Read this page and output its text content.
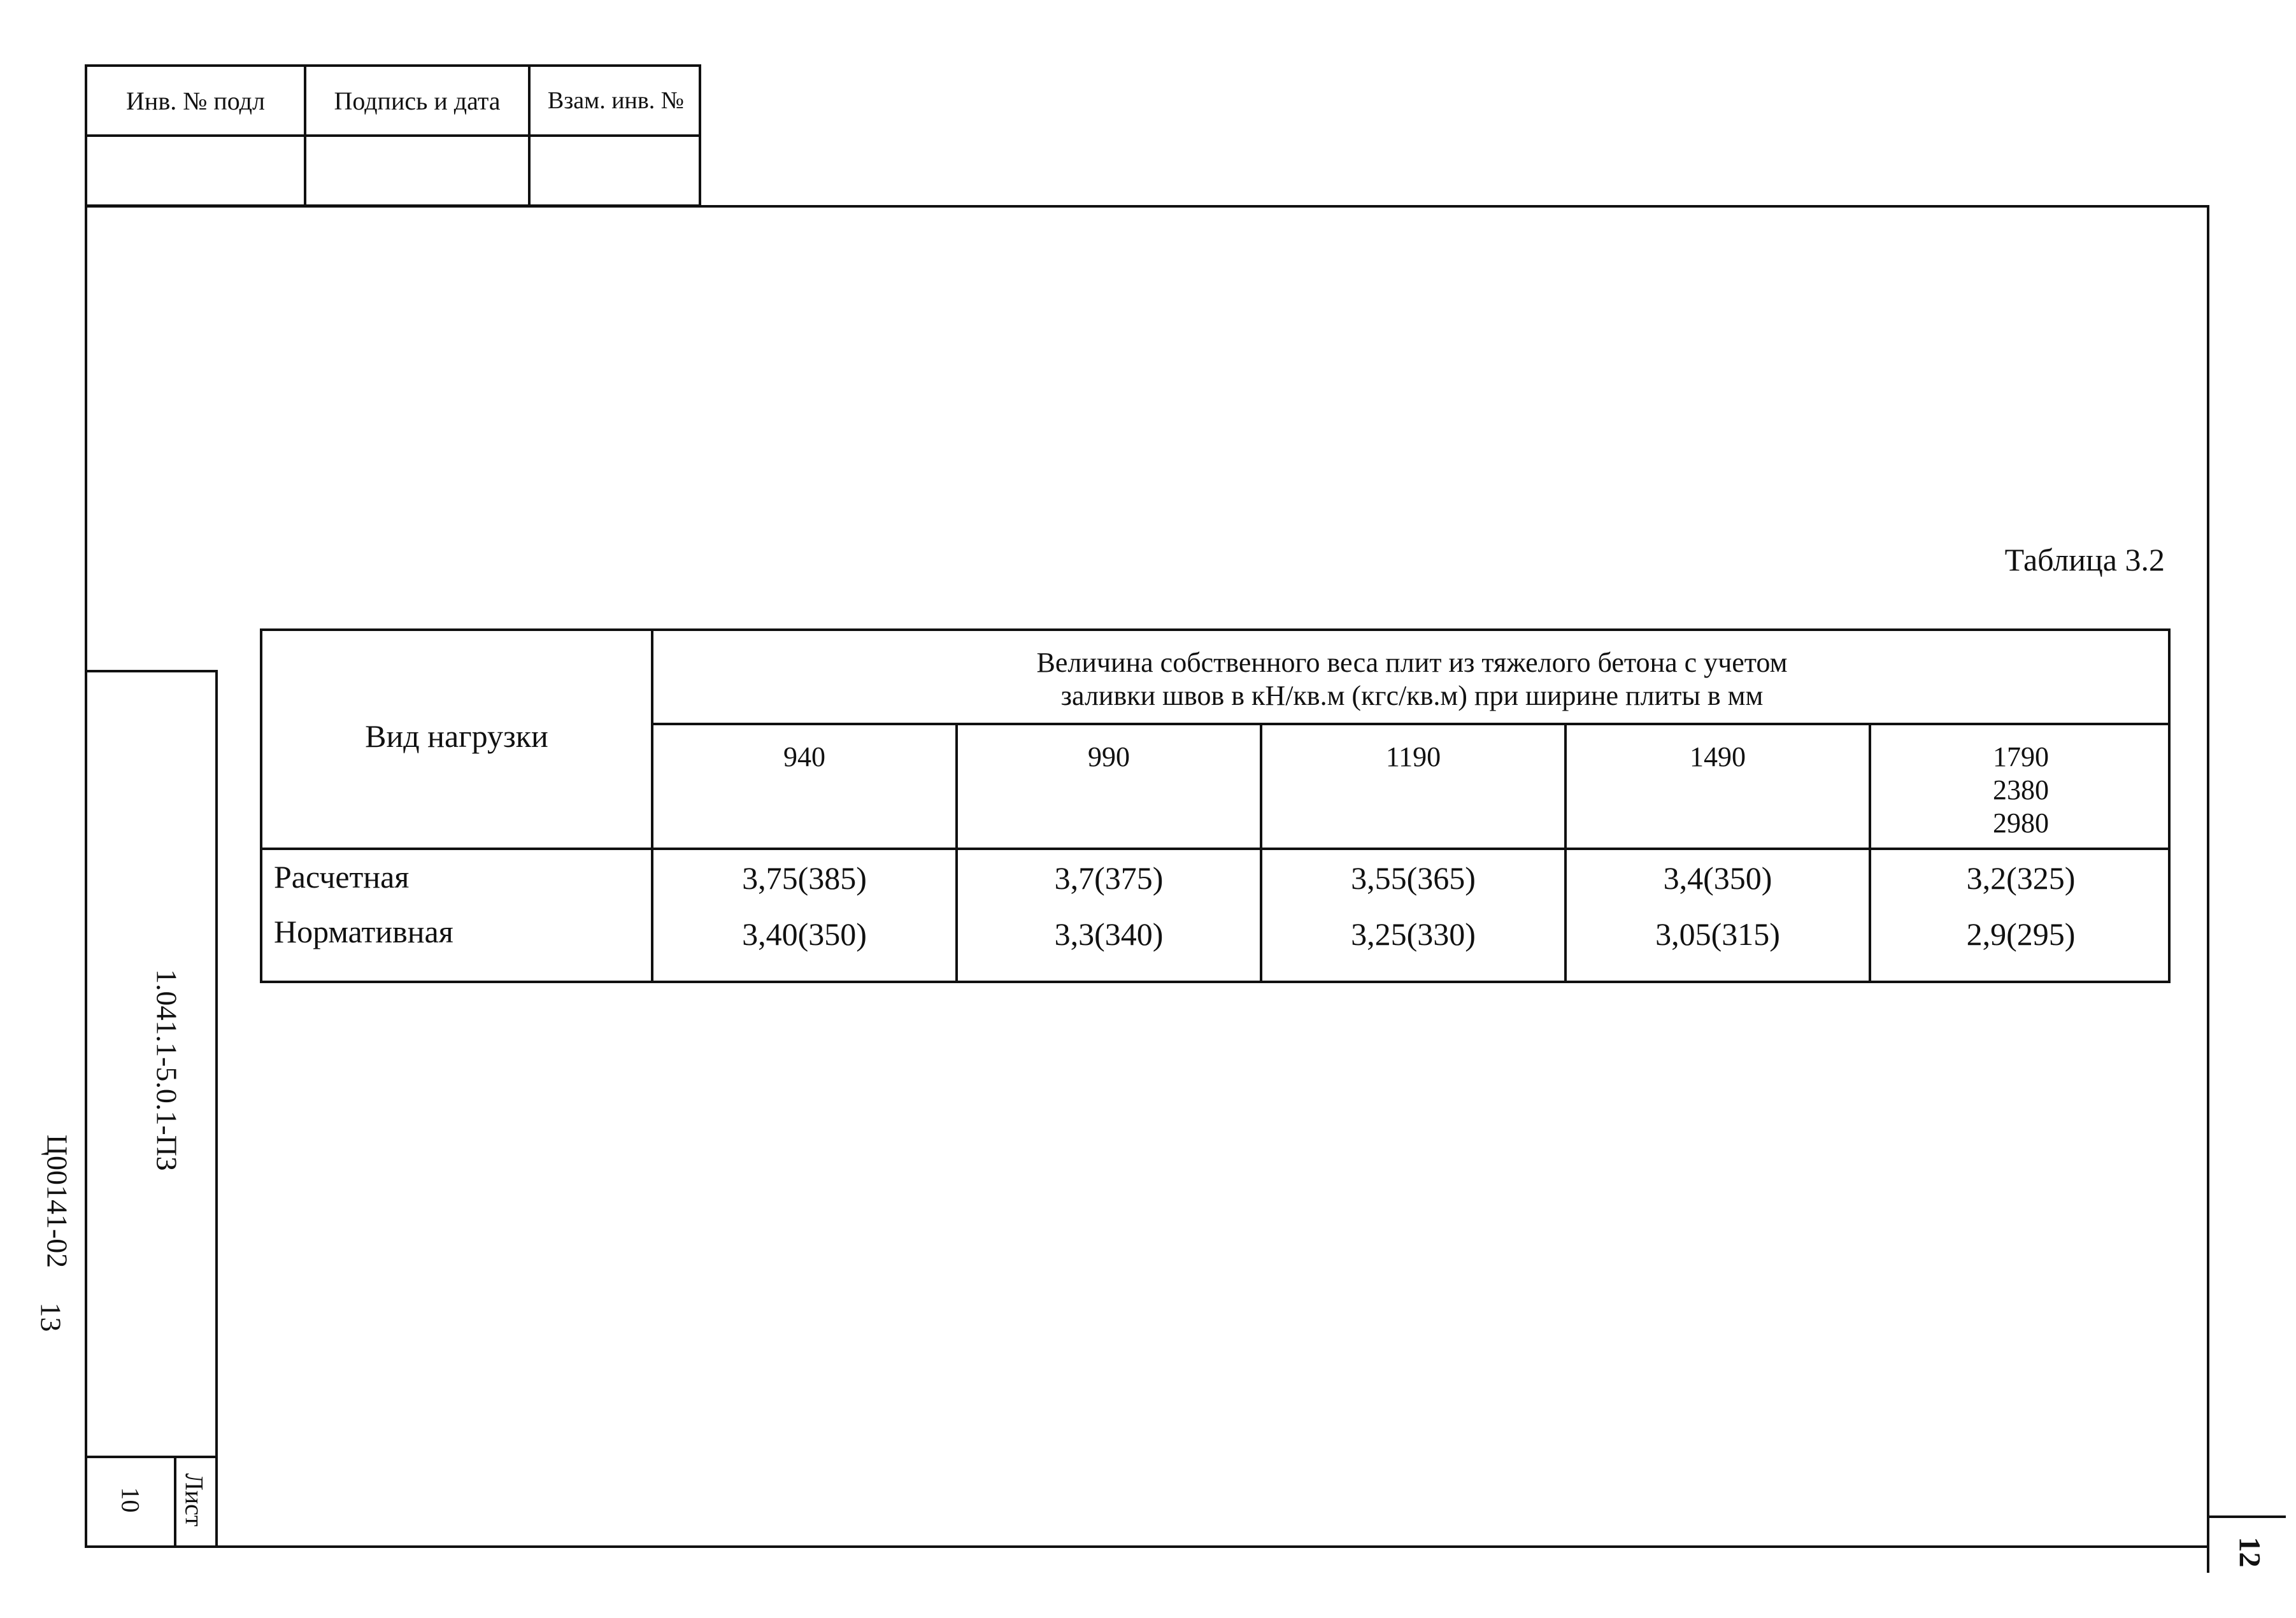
Инв. № подл	Подпись и дата	Взам. инв. №
1.041.1-5.0.1-ПЗ
Лист
10
Ц00141-02
13
Таблица 3.2
Вид нагрузки
Величина собственного веса плит из тяжелого бетона с учетом
заливки швов в кН/кв.м (кгс/кв.м) при ширине плиты в мм
940	990	1190	1490	1790
2380
2980
Расчетная	3,75(385)	3,7(375)	3,55(365)	3,4(350)	3,2(325)
Нормативная	3,40(350)	3,3(340)	3,25(330)	3,05(315)	2,9(295)
12
